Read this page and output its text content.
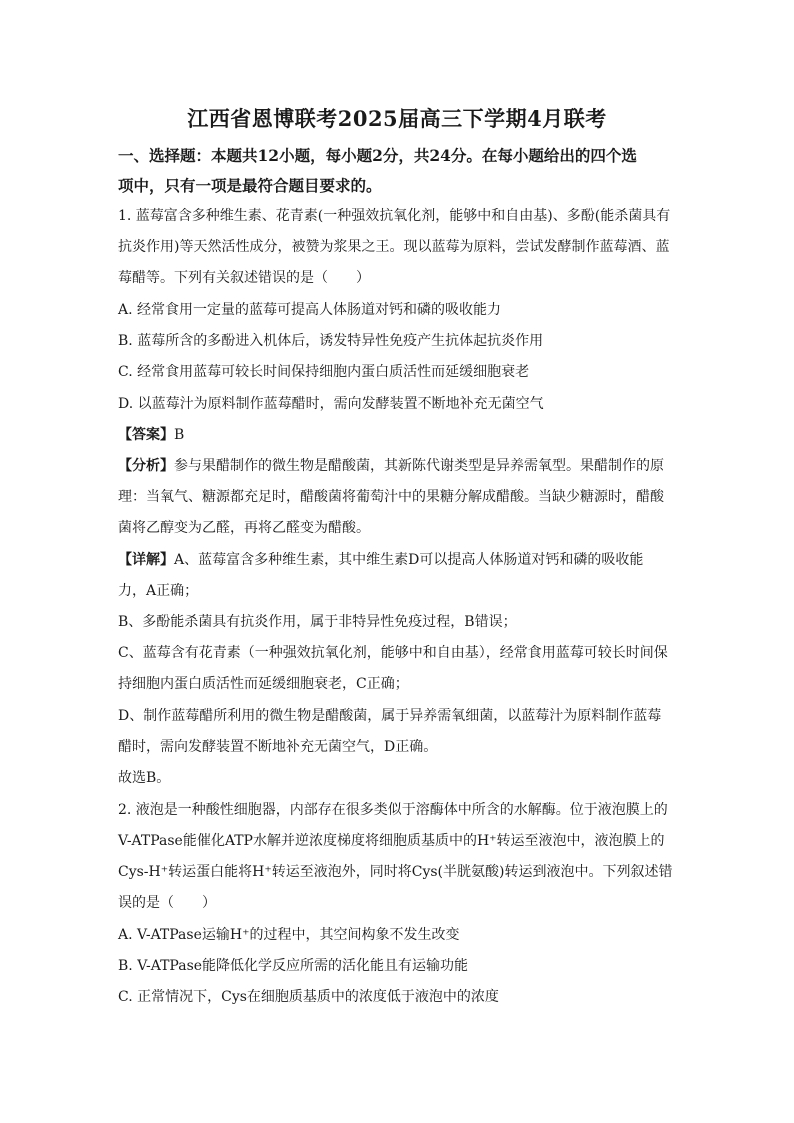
江西省恩博联考2025届高三下学期4月联考
一、选择题：本题共12小题，每小题2分，共24分。在每小题给出的四个选
项中，只有一项是最符合题目要求的。
1. 蓝莓富含多种维生素、花青素(一种强效抗氧化剂，能够中和自由基)、多酚(能杀菌具有
抗炎作用)等天然活性成分，被赞为浆果之王。现以蓝莓为原料，尝试发酵制作蓝莓酒、蓝
莓醋等。下列有关叙述错误的是（　　）
A. 经常食用一定量的蓝莓可提高人体肠道对钙和磷的吸收能力
B. 蓝莓所含的多酚进入机体后，诱发特异性免疫产生抗体起抗炎作用
C. 经常食用蓝莓可较长时间保持细胞内蛋白质活性而延缓细胞衰老
D. 以蓝莓汁为原料制作蓝莓醋时，需向发酵装置不断地补充无菌空气
【答案】B
【分析】参与果醋制作的微生物是醋酸菌，其新陈代谢类型是异养需氧型。果醋制作的原
理：当氧气、糖源都充足时，醋酸菌将葡萄汁中的果糖分解成醋酸。当缺少糖源时，醋酸
菌将乙醇变为乙醛，再将乙醛变为醋酸。
【详解】A、蓝莓富含多种维生素，其中维生素D可以提高人体肠道对钙和磷的吸收能
力，A正确；
B、多酚能杀菌具有抗炎作用，属于非特异性免疫过程，B错误；
C、蓝莓含有花青素（一种强效抗氧化剂，能够中和自由基），经常食用蓝莓可较长时间保
持细胞内蛋白质活性而延缓细胞衰老，C正确；
D、制作蓝莓醋所利用的微生物是醋酸菌，属于异养需氧细菌，以蓝莓汁为原料制作蓝莓
醋时，需向发酵装置不断地补充无菌空气，D正确。
故选B。
2. 液泡是一种酸性细胞器，内部存在很多类似于溶酶体中所含的水解酶。位于液泡膜上的
V-ATPase能催化ATP水解并逆浓度梯度将细胞质基质中的H⁺转运至液泡中，液泡膜上的
Cys-H⁺转运蛋白能将H⁺转运至液泡外，同时将Cys(半胱氨酸)转运到液泡中。下列叙述错
误的是（　　）
A. V-ATPase运输H⁺的过程中，其空间构象不发生改变
B. V-ATPase能降低化学反应所需的活化能且有运输功能
C. 正常情况下，Cys在细胞质基质中的浓度低于液泡中的浓度
